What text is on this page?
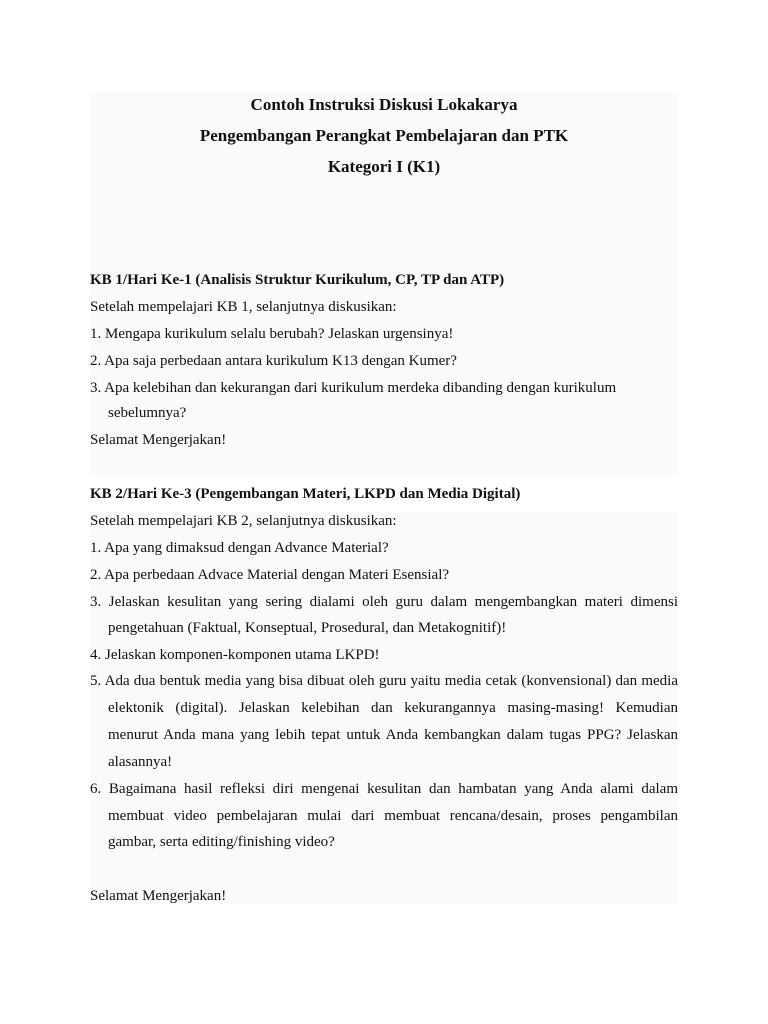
Contoh Instruksi Diskusi Lokakarya
Pengembangan Perangkat Pembelajaran dan PTK
Kategori I (K1)
KB 1/Hari Ke-1 (Analisis Struktur Kurikulum, CP, TP dan ATP)
Setelah mempelajari KB 1, selanjutnya diskusikan:
1. Mengapa kurikulum selalu berubah? Jelaskan urgensinya!
2. Apa saja perbedaan antara kurikulum K13 dengan Kumer?
3. Apa kelebihan dan kekurangan dari kurikulum merdeka dibanding dengan kurikulum
sebelumnya?
Selamat Mengerjakan!
KB 2/Hari Ke-3 (Pengembangan Materi, LKPD dan Media Digital)
Setelah mempelajari KB 2, selanjutnya diskusikan:
1. Apa yang dimaksud dengan Advance Material?
2. Apa perbedaan Advace Material dengan Materi Esensial?
3. Jelaskan kesulitan yang sering dialami oleh guru dalam mengembangkan materi dimensi
pengetahuan (Faktual, Konseptual, Prosedural, dan Metakognitif)!
4. Jelaskan komponen-komponen utama LKPD!
5. Ada dua bentuk media yang bisa dibuat oleh guru yaitu media cetak (konvensional) dan media
elektonik (digital). Jelaskan kelebihan dan kekurangannya masing-masing! Kemudian
menurut Anda mana yang lebih tepat untuk Anda kembangkan dalam tugas PPG? Jelaskan
alasannya!
6. Bagaimana hasil refleksi diri mengenai kesulitan dan hambatan yang Anda alami dalam
membuat video pembelajaran mulai dari membuat rencana/desain, proses pengambilan
gambar, serta editing/finishing video?
Selamat Mengerjakan!
